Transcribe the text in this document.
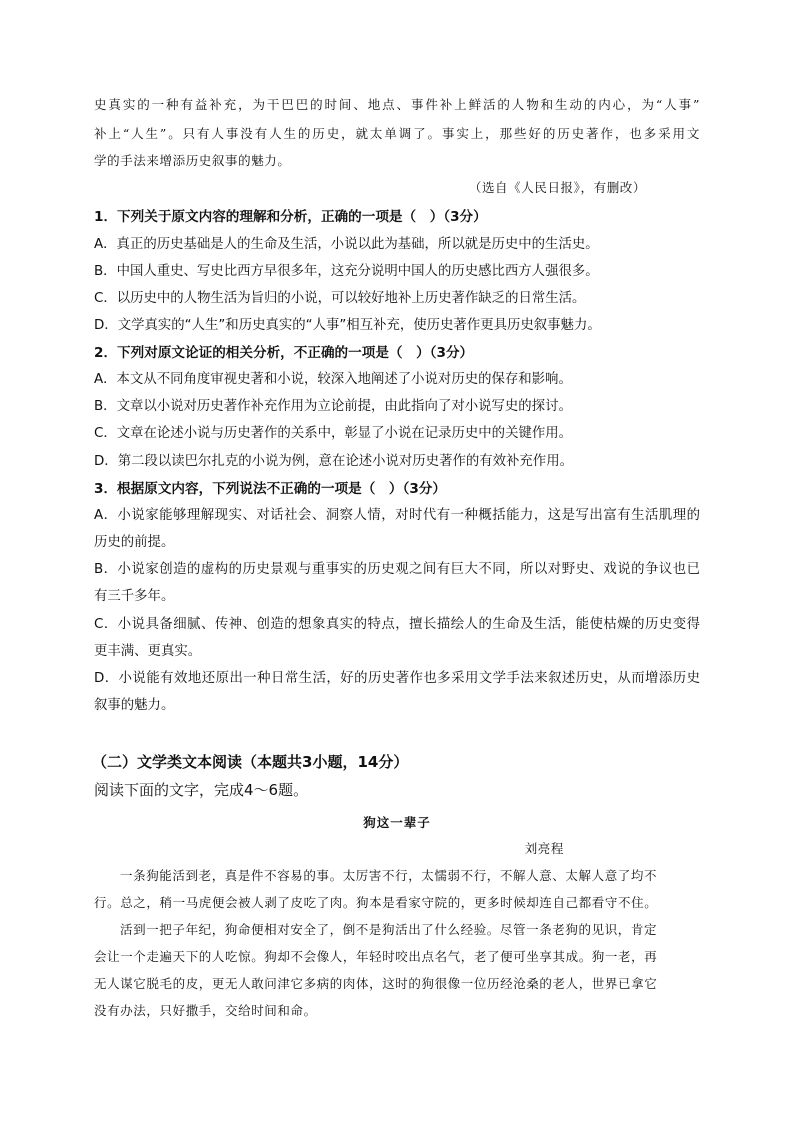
史真实的一种有益补充，为干巴巴的时间、地点、事件补上鲜活的人物和生动的内心，为“人事”
补上“人生”。只有人事没有人生的历史，就太单调了。事实上，那些好的历史著作，也多采用文
学的手法来增添历史叙事的魅力。
（选自《人民日报》，有删改）
1．下列关于原文内容的理解和分析，正确的一项是（　）（3分）
A．真正的历史基础是人的生命及生活，小说以此为基础，所以就是历史中的生活史。
B．中国人重史、写史比西方早很多年，这充分说明中国人的历史感比西方人强很多。
C．以历史中的人物生活为旨归的小说，可以较好地补上历史著作缺乏的日常生活。
D．文学真实的“人生”和历史真实的“人事”相互补充，使历史著作更具历史叙事魅力。
2．下列对原文论证的相关分析，不正确的一项是（　）（3分）
A．本文从不同角度审视史著和小说，较深入地阐述了小说对历史的保存和影响。
B．文章以小说对历史著作补充作用为立论前提，由此指向了对小说写史的探讨。
C．文章在论述小说与历史著作的关系中，彰显了小说在记录历史中的关键作用。
D．第二段以读巴尔扎克的小说为例，意在论述小说对历史著作的有效补充作用。
3．根据原文内容，下列说法不正确的一项是（　）（3分）
A．小说家能够理解现实、对话社会、洞察人情，对时代有一种概括能力，这是写出富有生活肌理的
历史的前提。
B．小说家创造的虚构的历史景观与重事实的历史观之间有巨大不同，所以对野史、戏说的争议也已
有三千多年。
C．小说具备细腻、传神、创造的想象真实的特点，擅长描绘人的生命及生活，能使枯燥的历史变得
更丰满、更真实。
D．小说能有效地还原出一种日常生活，好的历史著作也多采用文学手法来叙述历史，从而增添历史
叙事的魅力。
（二）文学类文本阅读（本题共3小题，14分）
阅读下面的文字，完成4～6题。
狗这一辈子
刘亮程
一条狗能活到老，真是件不容易的事。太厉害不行，太懦弱不行，不解人意、太解人意了均不
行。总之，稍一马虎便会被人剥了皮吃了肉。狗本是看家守院的，更多时候却连自己都看守不住。
活到一把子年纪，狗命便相对安全了，倒不是狗活出了什么经验。尽管一条老狗的见识，肯定
会让一个走遍天下的人吃惊。狗却不会像人，年轻时咬出点名气，老了便可坐享其成。狗一老，再
无人谋它脱毛的皮，更无人敢问津它多病的肉体，这时的狗很像一位历经沧桑的老人，世界已拿它
没有办法，只好撒手，交给时间和命。
